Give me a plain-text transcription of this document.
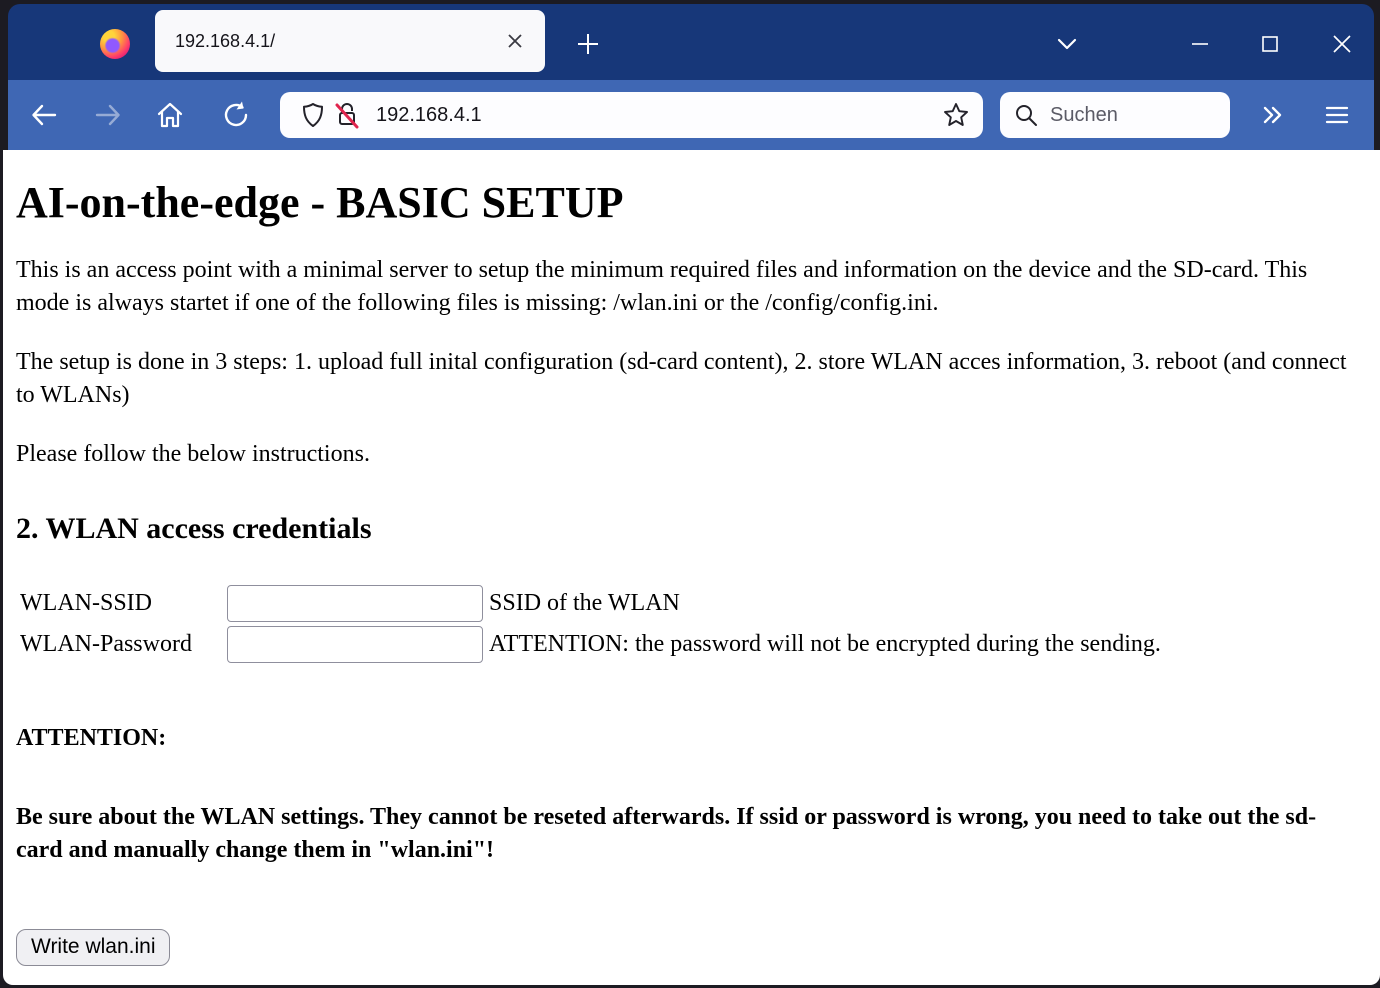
192.168.4.1/
192.168.4.1
Suchen
AI-on-the-edge - BASIC SETUP

This is an access point with a minimal server to setup the minimum required files and information on the device and the SD-card. This mode is always startet if one of the following files is missing: /wlan.ini or the /config/config.ini.

The setup is done in 3 steps: 1. upload full inital configuration (sd-card content), 2. store WLAN acces information, 3. reboot (and connect to WLANs)

Please follow the below instructions.

2. WLAN access credentials
WLAN-SSID		SSID of the WLAN
WLAN-Password		ATTENTION: the password will not be encrypted during the sending.

ATTENTION:

Be sure about the WLAN settings. They cannot be reseted afterwards. If ssid or password is wrong, you need to take out the sd-card and manually change them in "wlan.ini"!

Write wlan.ini
